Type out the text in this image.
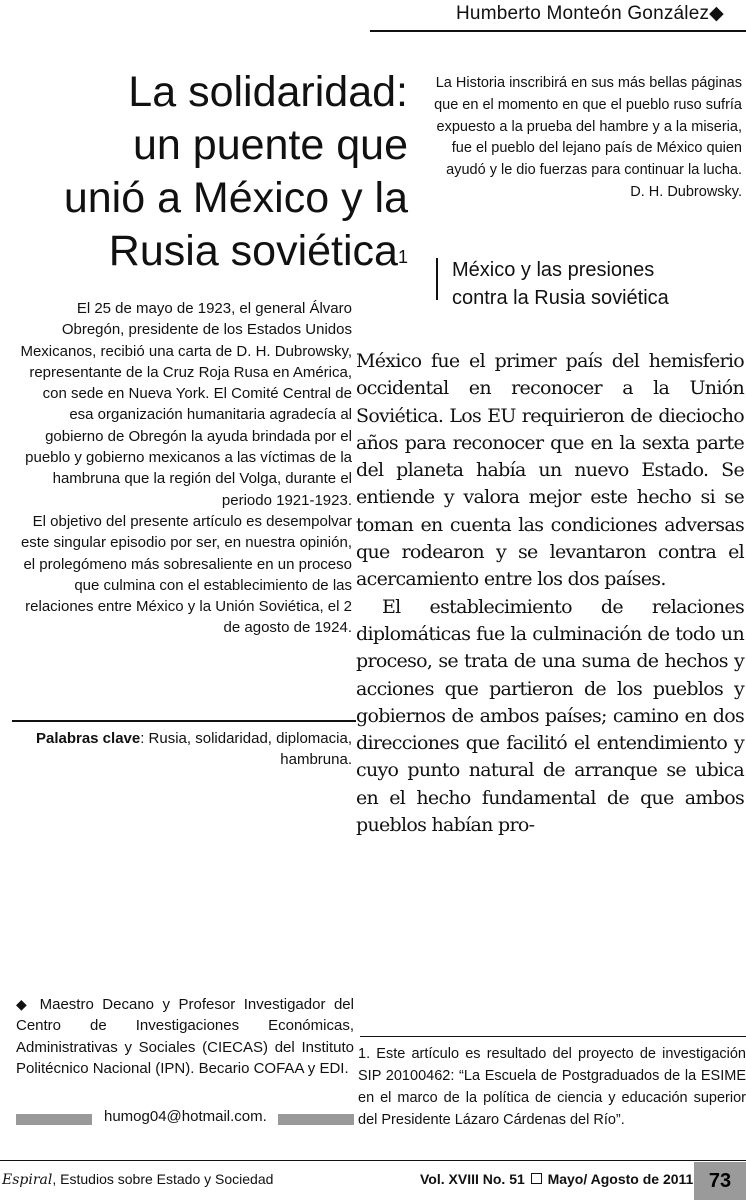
Humberto Monteón González◆
La solidaridad:
un puente que
unió a México y la
Rusia soviética$^1$

El 25 de mayo de 1923, el general Álvaro Obregón, presidente de los Estados Unidos Mexicanos, recibió una carta de D. H. Dubrowsky, representante de la Cruz Roja Rusa en América, con sede en Nueva York. El Comité Central de esa organización humanitaria agradecía al gobierno de Obregón la ayuda brindada por el pueblo y gobierno mexicanos a las víctimas de la hambruna que la región del Volga, durante el periodo 1921-1923.

El objetivo del presente artículo es desempolvar este singular episodio por ser, en nuestra opinión, el prolegómeno más sobresaliente en un proceso que culmina con el establecimiento de las relaciones entre México y la Unión Soviética, el 2 de agosto de 1924.

Palabras clave: Rusia, solidaridad, diplomacia, hambruna.
◆ Maestro Decano y Profesor Investigador del Centro de Investigaciones Económicas, Administrativas y Sociales (CIECAS) del Instituto Politécnico Nacional (IPN). Becario COFAA y EDI.
humog04@hotmail.com.
La Historia inscribirá en sus más bellas páginas que en el momento en que el pueblo ruso sufría expuesto a la prueba del hambre y a la miseria, fue el pueblo del lejano país de México quien ayudó y le dio fuerzas para continuar la lucha.
D. H. Dubrowsky.
México y las presiones
contra la Rusia soviética

México fue el primer país del hemisferio occidental en reconocer a la Unión Soviética. Los EU requirieron de dieciocho años para reconocer que en la sexta parte del planeta había un nuevo Estado. Se entiende y valora mejor este hecho si se toman en cuenta las condiciones adversas que rodearon y se levantaron contra el acercamiento entre los dos países.

El establecimiento de relaciones diplomáticas fue la culminación de todo un proceso, se trata de una suma de hechos y acciones que partieron de los pueblos y gobiernos de ambos países; camino en dos direcciones que facilitó el entendimiento y cuyo punto natural de arranque se ubica en el hecho fundamental de que ambos pueblos habían pro-

1. Este artículo es resultado del proyecto de investigación SIP 20100462: “La Escuela de Postgraduados de la ESIME en el marco de la política de ciencia y educación superior del Presidente Lázaro Cárdenas del Río”.
Espiral, Estudios sobre Estado y Sociedad	Vol. XVIII No. 51 Mayo/ Agosto de 2011 73
